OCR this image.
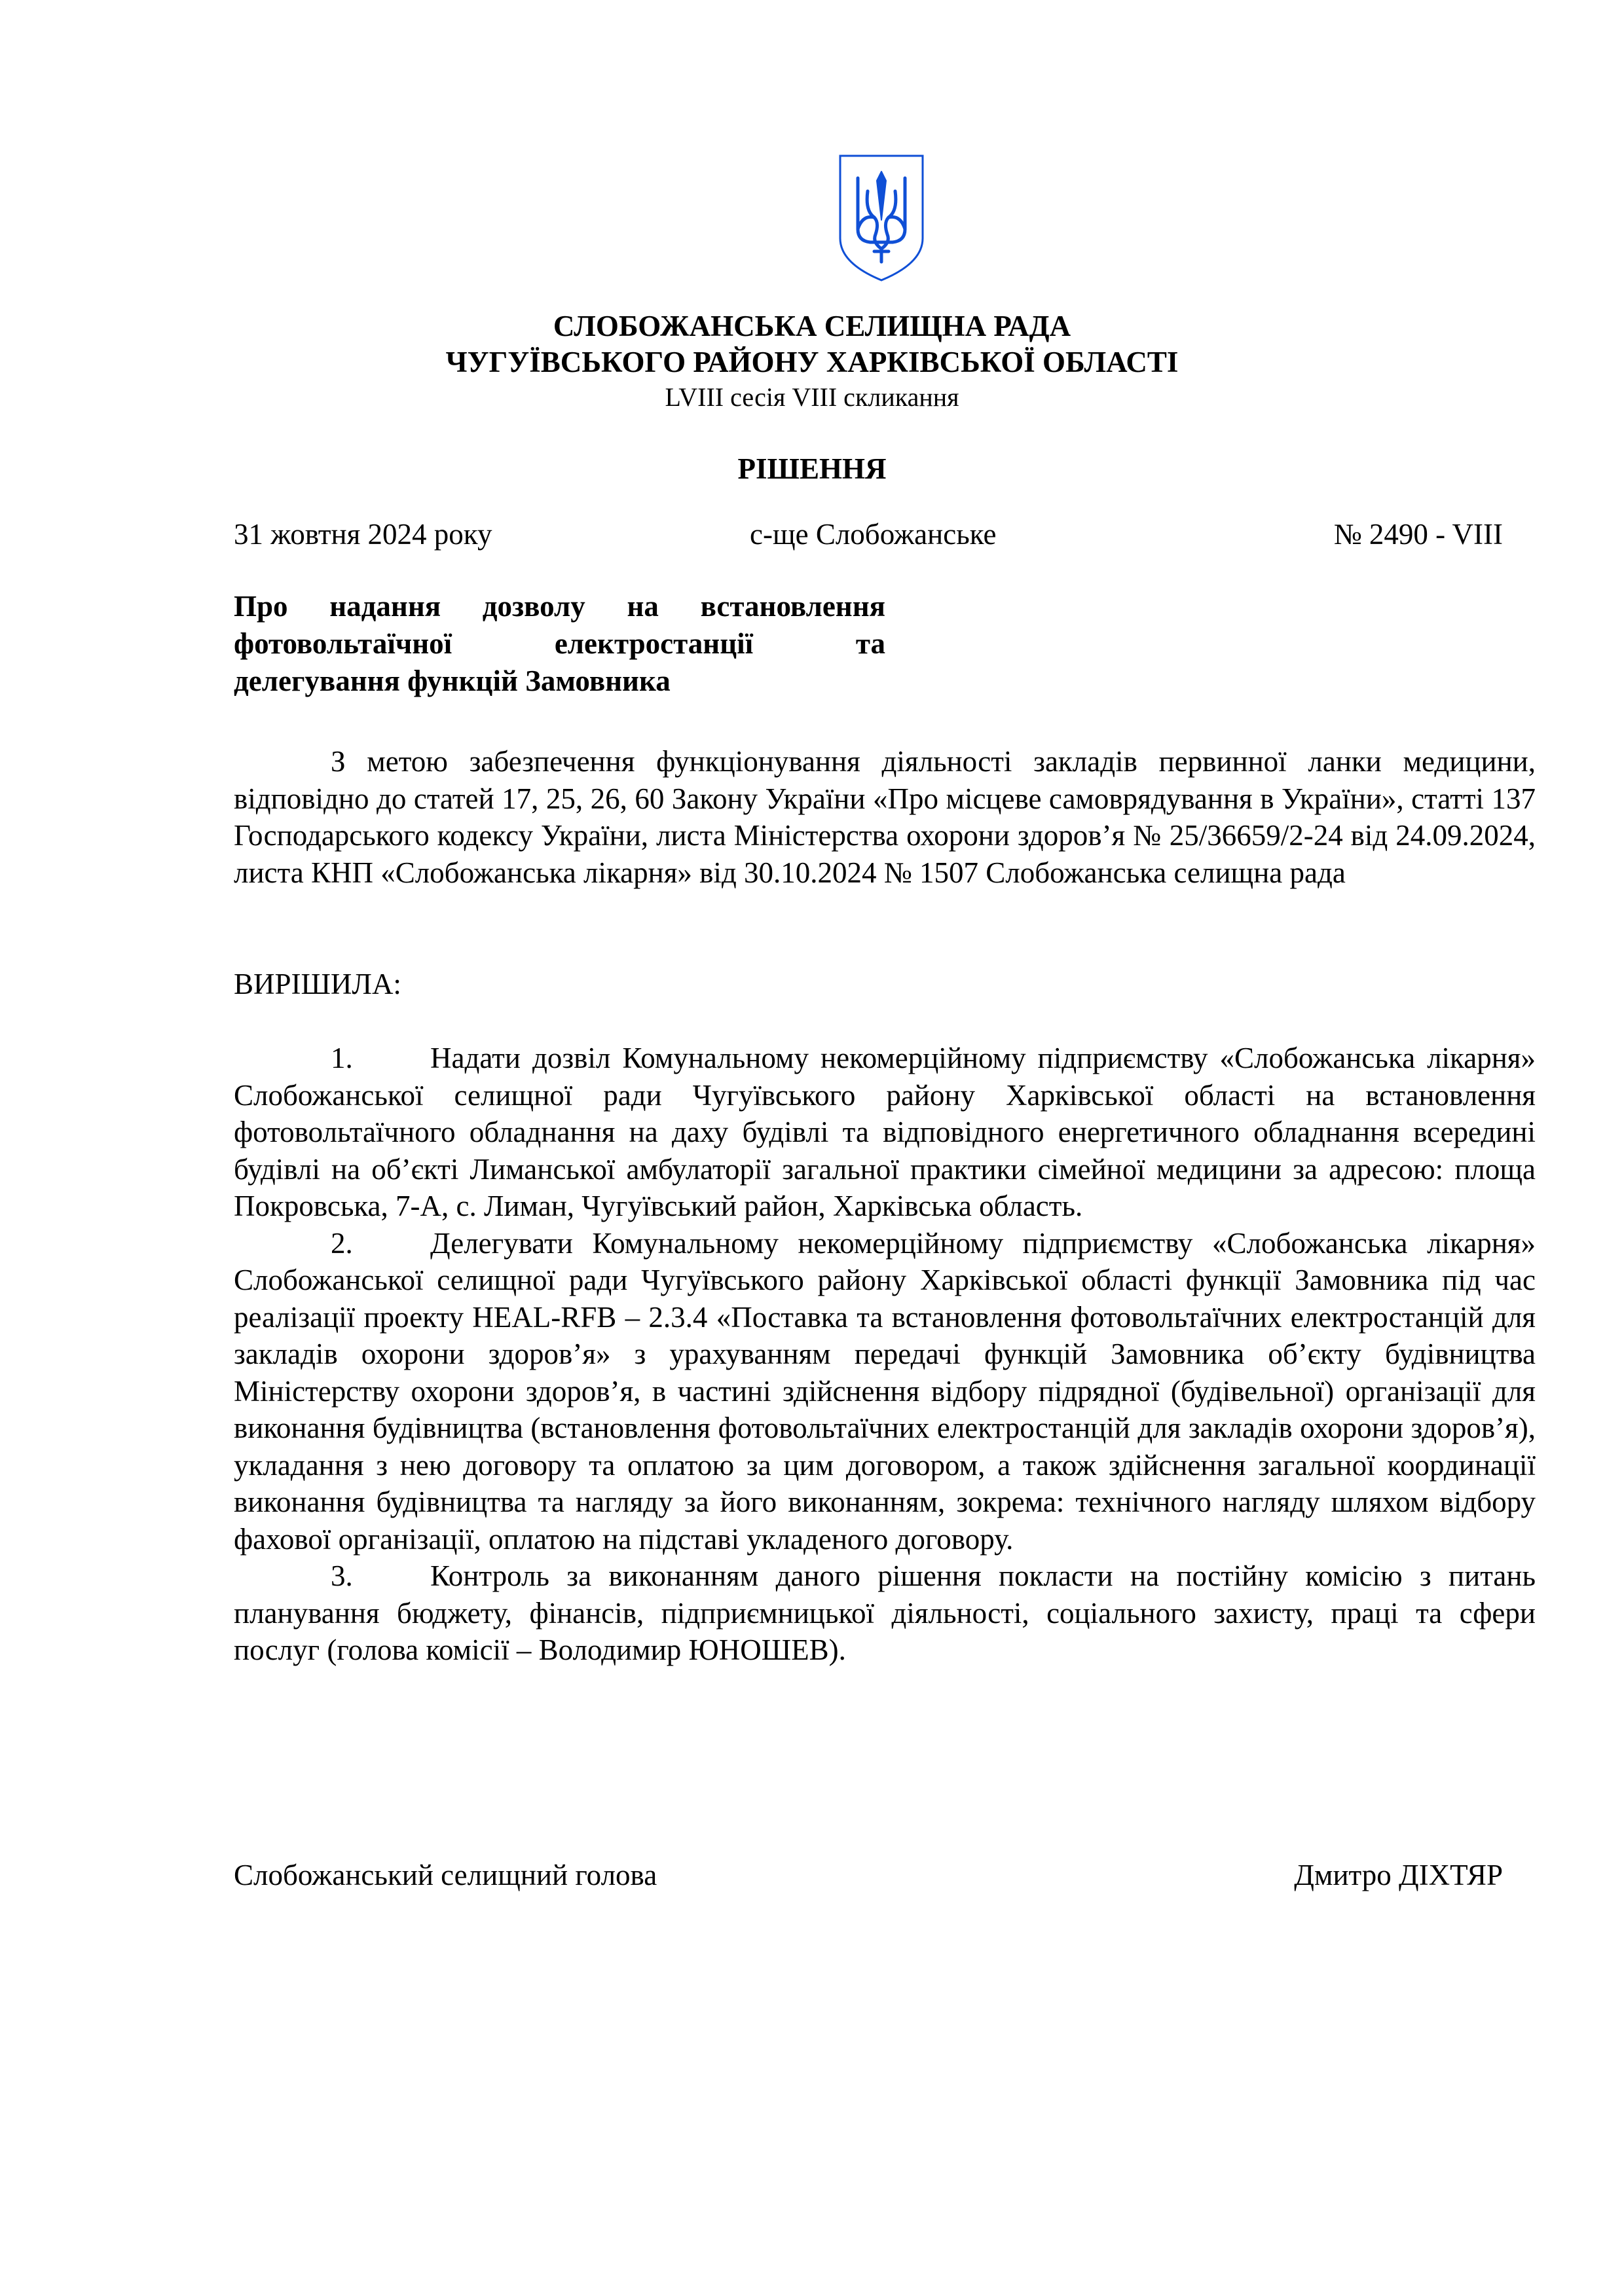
СЛОБОЖАНСЬКА СЕЛИЩНА РАДА
ЧУГУЇВСЬКОГО РАЙОНУ ХАРКІВСЬКОЇ ОБЛАСТІ
LVIII сесія VIII скликання
РІШЕННЯ
31 жовтня 2024 року	с-ще Слобожанське	№ 2490 - VIII
Про надання дозволу на встановлення
фотовольтаїчної електростанції та
делегування функцій Замовника
З метою забезпечення функціонування діяльності закладів первинної ланки медицини, відповідно до статей 17, 25, 26, 60 Закону України «Про місцеве самоврядування в України», статті 137 Господарського кодексу України, листа Міністерства охорони здоров’я № 25/36659/2-24 від 24.09.2024, листа КНП «Слобожанська лікарня» від 30.10.2024 № 1507 Слобожанська селищна рада
ВИРІШИЛА:

1.	Надати дозвіл Комунальному некомерційному підприємству «Слобожанська лікарня» Слобожанської селищної ради Чугуївського району Харківської області на встановлення фотовольтаїчного обладнання на даху будівлі та відповідного енергетичного обладнання всередині будівлі на об’єкті Лиманської амбулаторії загальної практики сімейної медицини за адресою: площа Покровська, 7-А, с. Лиман, Чугуївський район, Харківська область.

2.	Делегувати Комунальному некомерційному підприємству «Слобожанська лікарня» Слобожанської селищної ради Чугуївського району Харківської області функції Замовника під час реалізації проекту HEAL-RFB – 2.3.4 «Поставка та встановлення фотовольтаїчних електростанцій для закладів охорони здоров’я» з урахуванням передачі функцій Замовника об’єкту будівництва Міністерству охорони здоров’я, в частині здійснення відбору підрядної (будівельної) організації для виконання будівництва (встановлення фотовольтаїчних електростанцій для закладів охорони здоров’я), укладання з нею договору та оплатою за цим договором, а також здійснення загальної координації виконання будівництва та нагляду за його виконанням, зокрема: технічного нагляду шляхом відбору фахової організації, оплатою на підставі укладеного договору.

3.	Контроль за виконанням даного рішення покласти на постійну комісію з питань планування бюджету, фінансів, підприємницької діяльності, соціального захисту, праці та сфери послуг (голова комісії – Володимир ЮНОШЕВ).

Слобожанський селищний голова	Дмитро ДІХТЯР
